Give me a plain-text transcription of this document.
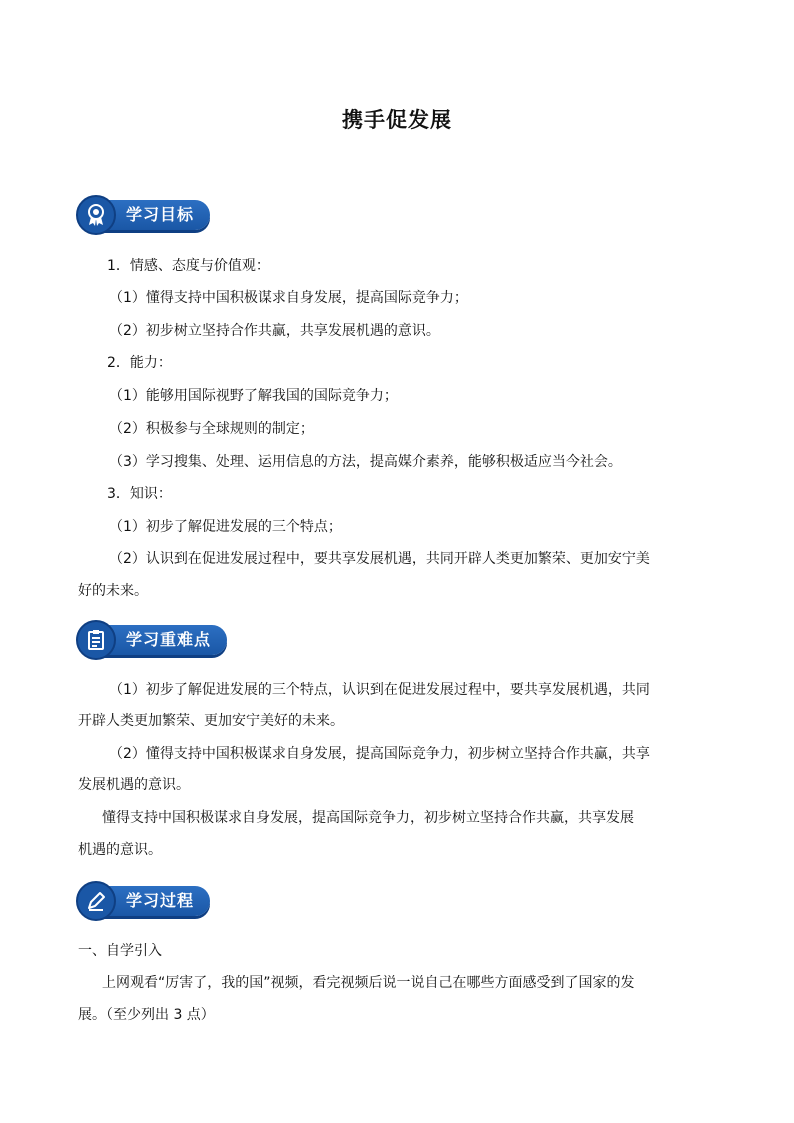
携手促发展
学习目标
1．情感、态度与价值观：
（1）懂得支持中国积极谋求自身发展，提高国际竞争力；
（2）初步树立坚持合作共赢，共享发展机遇的意识。
2．能力：
（1）能够用国际视野了解我国的国际竞争力；
（2）积极参与全球规则的制定；
（3）学习搜集、处理、运用信息的方法，提高媒介素养，能够积极适应当今社会。
3．知识：
（1）初步了解促进发展的三个特点；
（2）认识到在促进发展过程中，要共享发展机遇，共同开辟人类更加繁荣、更加安宁美
好的未来。
学习重难点
（1）初步了解促进发展的三个特点，认识到在促进发展过程中，要共享发展机遇，共同
开辟人类更加繁荣、更加安宁美好的未来。
（2）懂得支持中国积极谋求自身发展，提高国际竞争力，初步树立坚持合作共赢，共享
发展机遇的意识。
懂得支持中国积极谋求自身发展，提高国际竞争力，初步树立坚持合作共赢，共享发展
机遇的意识。
学习过程
一、自学引入
上网观看“厉害了，我的国”视频，看完视频后说一说自己在哪些方面感受到了国家的发
展。（至少列出 3 点）
